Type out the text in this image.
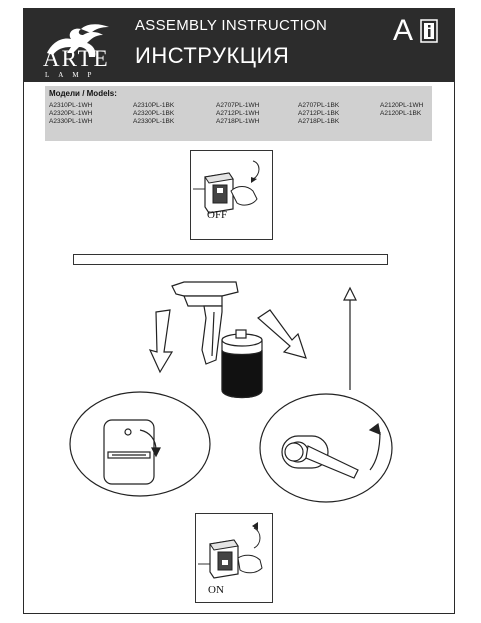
ARTE
LAMP
ASSEMBLY INSTRUCTION
ИНСТРУКЦИЯ
A
Модели / Models:
A2310PL-1WH	A2310PL-1BK	A2707PL-1WH	A2707PL-1BK	A2120PL-1WH
A2320PL-1WH	A2320PL-1BK	A2712PL-1WH	A2712PL-1BK	A2120PL-1BK
A2330PL-1WH	A2330PL-1BK	A2718PL-1WH	A2718PL-1BK
OFF
ON
